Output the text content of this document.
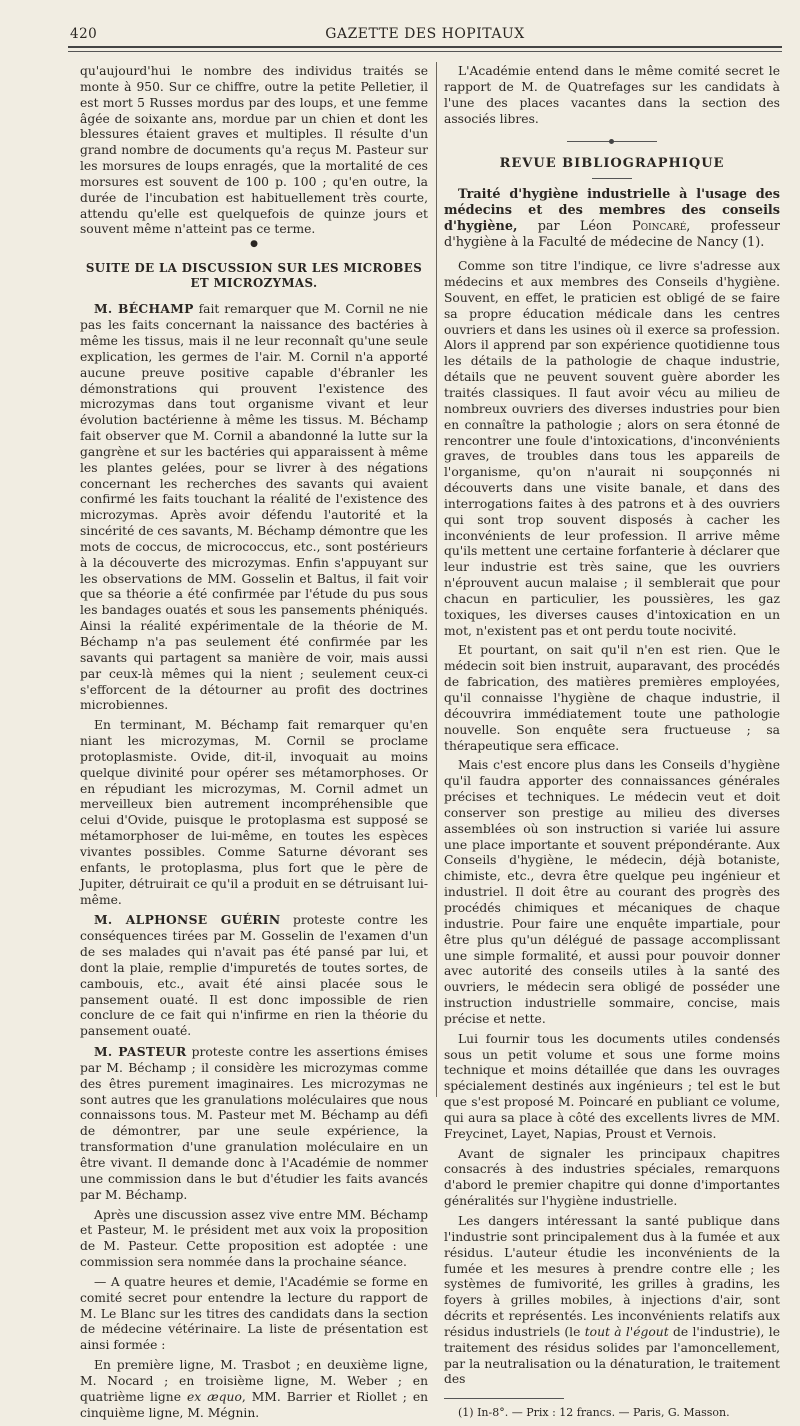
420	GAZETTE DES HOPITAUX

qu'aujourd'hui le nombre des individus traités se monte à 950. Sur ce chiffre, outre la petite Pelletier, il est mort 5 Russes mordus par des loups, et une femme âgée de soixante ans, mordue par un chien et dont les blessures étaient graves et multiples. Il résulte d'un grand nombre de documents qu'a reçus M. Pasteur sur les morsures de loups enragés, que la mortalité de ces morsures est souvent de 100 p. 100 ; qu'en outre, la durée de l'incubation est habituellement très courte, attendu qu'elle est quelquefois de quinze jours et souvent même n'atteint pas ce terme.

●
SUITE DE LA DISCUSSION SUR LES MICROBES ET MICROZYMAS.

M. BÉCHAMP fait remarquer que M. Cornil ne nie pas les faits concernant la naissance des bactéries à même les tissus, mais il ne leur reconnaît qu'une seule explication, les germes de l'air. M. Cornil n'a apporté aucune preuve positive capable d'ébranler les démonstrations qui prouvent l'existence des microzymas dans tout organisme vivant et leur évolution bactérienne à même les tissus. M. Béchamp fait observer que M. Cornil a abandonné la lutte sur la gangrène et sur les bactéries qui apparaissent à même les plantes gelées, pour se livrer à des négations concernant les recherches des savants qui avaient confirmé les faits touchant la réalité de l'existence des microzymas. Après avoir défendu l'autorité et la sincérité de ces savants, M. Béchamp démontre que les mots de coccus, de micrococcus, etc., sont postérieurs à la découverte des microzymas. Enfin s'appuyant sur les observations de MM. Gosselin et Baltus, il fait voir que sa théorie a été confirmée par l'étude du pus sous les bandages ouatés et sous les pansements phéniqués. Ainsi la réalité expérimentale de la théorie de M. Béchamp n'a pas seulement été confirmée par les savants qui partagent sa manière de voir, mais aussi par ceux-là mêmes qui la nient ; seulement ceux-ci s'efforcent de la détourner au profit des doctrines microbiennes.

En terminant, M. Béchamp fait remarquer qu'en niant les microzymas, M. Cornil se proclame protoplasmiste. Ovide, dit-il, invoquait au moins quelque divinité pour opérer ses métamorphoses. Or en répudiant les microzymas, M. Cornil admet un merveilleux bien autrement incompréhensible que celui d'Ovide, puisque le protoplasma est supposé se métamorphoser de lui-même, en toutes les espèces vivantes possibles. Comme Saturne dévorant ses enfants, le protoplasma, plus fort que le père de Jupiter, détruirait ce qu'il a produit en se détruisant lui-même.

M. ALPHONSE GUÉRIN proteste contre les conséquences tirées par M. Gosselin de l'examen d'un de ses malades qui n'avait pas été pansé par lui, et dont la plaie, remplie d'impuretés de toutes sortes, de cambouis, etc., avait été ainsi placée sous le pansement ouaté. Il est donc impossible de rien conclure de ce fait qui n'infirme en rien la théorie du pansement ouaté.

M. PASTEUR proteste contre les assertions émises par M. Béchamp ; il considère les microzymas comme des êtres purement imaginaires. Les microzymas ne sont autres que les granulations moléculaires que nous connaissons tous. M. Pasteur met M. Béchamp au défi de démontrer, par une seule expérience, la transformation d'une granulation moléculaire en un être vivant. Il demande donc à l'Académie de nommer une commission dans le but d'étudier les faits avancés par M. Béchamp.

Après une discussion assez vive entre MM. Béchamp et Pasteur, M. le président met aux voix la proposition de M. Pasteur. Cette proposition est adoptée : une commission sera nommée dans la prochaine séance.

— A quatre heures et demie, l'Académie se forme en comité secret pour entendre la lecture du rapport de M. Le Blanc sur les titres des candidats dans la section de médecine vétérinaire. La liste de présentation est ainsi formée :

En première ligne, M. Trasbot ; en deuxième ligne, M. Nocard ; en troisième ligne, M. Weber ; en quatrième ligne ex æquo, MM. Barrier et Riollet ; en cinquième ligne, M. Mégnin.

L'Académie entend dans le même comité secret le rapport de M. de Quatrefages sur les candidats à l'une des places vacantes dans la section des associés libres.

REVUE BIBLIOGRAPHIQUE
Traité d'hygiène industrielle à l'usage des médecins et des membres des conseils d'hygiène, par Léon Poincaré, professeur d'hygiène à la Faculté de médecine de Nancy (1).

Comme son titre l'indique, ce livre s'adresse aux médecins et aux membres des Conseils d'hygiène. Souvent, en effet, le praticien est obligé de se faire sa propre éducation médicale dans les centres ouvriers et dans les usines où il exerce sa profession. Alors il apprend par son expérience quotidienne tous les détails de la pathologie de chaque industrie, détails que ne peuvent souvent guère aborder les traités classiques. Il faut avoir vécu au milieu de nombreux ouvriers des diverses industries pour bien en connaître la pathologie ; alors on sera étonné de rencontrer une foule d'intoxications, d'inconvénients graves, de troubles dans tous les appareils de l'organisme, qu'on n'aurait ni soupçonnés ni découverts dans une visite banale, et dans des interrogations faites à des patrons et à des ouvriers qui sont trop souvent disposés à cacher les inconvénients de leur profession. Il arrive même qu'ils mettent une certaine forfanterie à déclarer que leur industrie est très saine, que les ouvriers n'éprouvent aucun malaise ; il semblerait que pour chacun en particulier, les poussières, les gaz toxiques, les diverses causes d'intoxication en un mot, n'existent pas et ont perdu toute nocivité.

Et pourtant, on sait qu'il n'en est rien. Que le médecin soit bien instruit, auparavant, des procédés de fabrication, des matières premières employées, qu'il connaisse l'hygiène de chaque industrie, il découvrira immédiatement toute une pathologie nouvelle. Son enquête sera fructueuse ; sa thérapeutique sera efficace.

Mais c'est encore plus dans les Conseils d'hygiène qu'il faudra apporter des connaissances générales précises et techniques. Le médecin veut et doit conserver son prestige au milieu des diverses assemblées où son instruction si variée lui assure une place importante et souvent prépondérante. Aux Conseils d'hygiène, le médecin, déjà botaniste, chimiste, etc., devra être quelque peu ingénieur et industriel. Il doit être au courant des progrès des procédés chimiques et mécaniques de chaque industrie. Pour faire une enquête impartiale, pour être plus qu'un délégué de passage accomplissant une simple formalité, et aussi pour pouvoir donner avec autorité des conseils utiles à la santé des ouvriers, le médecin sera obligé de posséder une instruction industrielle sommaire, concise, mais précise et nette.

Lui fournir tous les documents utiles condensés sous un petit volume et sous une forme moins technique et moins détaillée que dans les ouvrages spécialement destinés aux ingénieurs ; tel est le but que s'est proposé M. Poincaré en publiant ce volume, qui aura sa place à côté des excellents livres de MM. Freycinet, Layet, Napias, Proust et Vernois.

Avant de signaler les principaux chapitres consacrés à des industries spéciales, remarquons d'abord le premier chapitre qui donne d'importantes généralités sur l'hygiène industrielle.

Les dangers intéressant la santé publique dans l'industrie sont principalement dus à la fumée et aux résidus. L'auteur étudie les inconvénients de la fumée et les mesures à prendre contre elle ; les systèmes de fumivorité, les grilles à gradins, les foyers à grilles mobiles, à injections d'air, sont décrits et représentés. Les inconvénients relatifs aux résidus industriels (le tout à l'égout de l'industrie), le traitement des résidus solides par l'amoncellement, par la neutralisation ou la dénaturation, le traitement des

(1) In-8°. — Prix : 12 francs. — Paris, G. Masson.
